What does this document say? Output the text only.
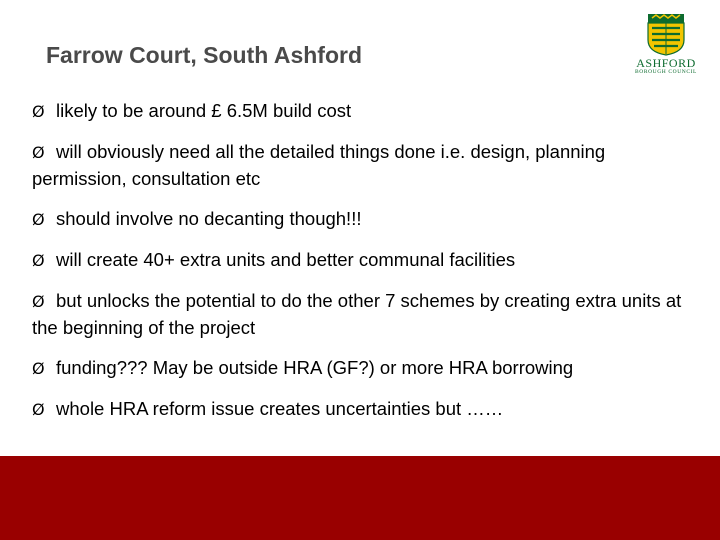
Farrow Court, South Ashford	ASHFORD
BOROUGH COUNCIL
Ø likely to be around £ 6.5M build cost
Ø will obviously need all the detailed things done i.e. design, planning permission, consultation etc
Ø should involve no decanting though!!!
Ø will create 40+ extra units and better communal facilities
Ø but unlocks the potential to do the other 7 schemes by creating extra units at the beginning of the project
Ø funding??? May be outside HRA (GF?) or more HRA borrowing
Ø whole HRA reform issue creates uncertainties but ……
